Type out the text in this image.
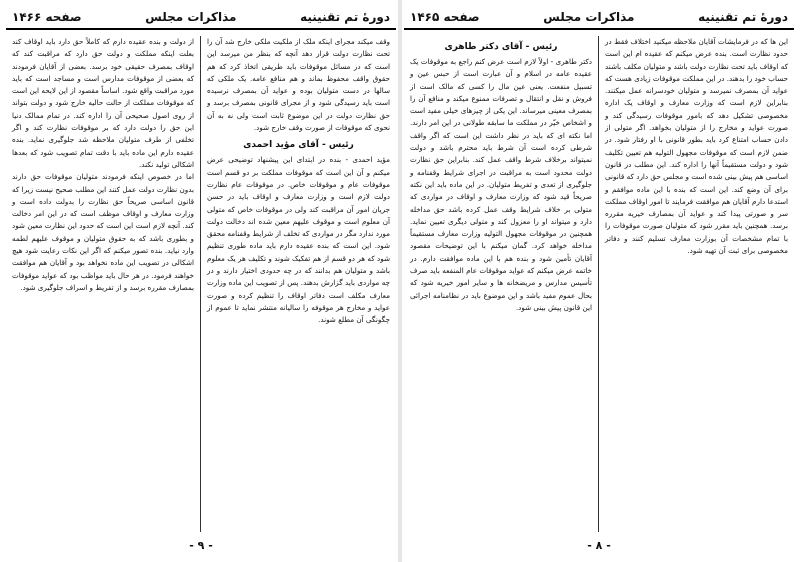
دورهٔ تم تقنینیه
مذاکرات مجلس
صفحه ۱۴۶۶

وقف میکند مجرای اینکه ملک از ملکیت ملکی خارج شد آن را تحت نظارت دولت قرار دهد آنچه که بنظر من میرسد این است که در مسائل موقوفات باید طریقی اتخاذ کرد که هم حقوق واقف محفوظ بماند و هم منافع عامه. یک ملکی که سالها در دست متولیان بوده و عواید آن بمصرف نرسیده است باید رسیدگی شود و از مجرای قانونی بمصرف برسد و حق نظارت دولت در این موضوع ثابت است ولی نه به آن نحوی که موقوفات از صورت وقف خارج شود.

رئیس - آقای مؤید احمدی

مؤید احمدی - بنده در ابتدای این پیشنهاد توضیحی عرض میکنم و آن این است که موقوفات مملکت بر دو قسم است موقوفات عام و موقوفات خاص. در موقوفات عام نظارت دولت لازم است و وزارت معارف و اوقاف باید در حسن جریان امور آن مراقبت کند ولی در موقوفات خاص که متولی آن معلوم است و موقوف علیهم معین شده اند دخالت دولت مورد ندارد مگر در مواردی که تخلف از شرایط وقفنامه محقق شود. این است که بنده عقیده دارم باید ماده طوری تنظیم شود که هر دو قسم از هم تفکیک شوند و تکلیف هر یک معلوم باشد و متولیان هم بدانند که در چه حدودی اختیار دارند و در چه مواردی باید گزارش بدهند. پس از تصویب این ماده وزارت معارف مکلف است دفاتر اوقاف را تنظیم کرده و صورت عواید و مخارج هر موقوفه را سالیانه منتشر نماید تا عموم از چگونگی آن مطلع شوند.

از دولت و بنده عقیده دارم که کاملاً حق دارد باید اوقاف کند بعلت اینکه مملکت و دولت حق دارد که مراقبت کند که اوقاف بمصرف حقیقی خود برسد. بعضی از آقایان فرمودند که بعضی از موقوفات مدارس است و مساجد است که باید مورد مراقبت واقع شود. اساساً مقصود از این لایحه این است که موقوفات مملکت از حالت حالیه خارج شود و دولت بتواند از روی اصول صحیحی آن را اداره کند. در تمام ممالک دنیا این حق را دولت دارد که بر موقوفات نظارت کند و اگر تخلفی از طرف متولیان ملاحظه شد جلوگیری نماید. بنده عقیده دارم این ماده باید با دقت تمام تصویب شود که بعدها اشکالی تولید نکند.

اما در خصوص اینکه فرمودند متولیان موقوفات حق دارند بدون نظارت دولت عمل کنند این مطلب صحیح نیست زیرا که قانون اساسی صریحاً حق نظارت را بدولت داده است و وزارت معارف و اوقاف موظف است که در این امر دخالت کند. آنچه لازم است این است که حدود این نظارت معین شود و بطوری باشد که به حقوق متولیان و موقوف علیهم لطمه وارد نیاید. بنده تصور میکنم که اگر این نکات رعایت شود هیچ اشکالی در تصویب این ماده نخواهد بود و آقایان هم موافقت خواهند فرمود. در هر حال باید مواظب بود که عواید موقوفات بمصارف مقرره برسد و از تفریط و اسراف جلوگیری شود.

- ۹ -
دورهٔ تم تقنینیه
مذاکرات مجلس
صفحه ۱۴۶۵

این ها که در فرمایشات آقایان ملاحظه میکنید اختلاف فقط در حدود نظارت است. بنده عرض میکنم که عقیده ام این است که اوقاف باید تحت نظارت دولت باشد و متولیان مکلف باشند حساب خود را بدهند. در این مملکت موقوفات زیادی هست که عواید آن بمصرف نمیرسد و متولیان خودسرانه عمل میکنند. بنابراین لازم است که وزارت معارف و اوقاف یک اداره مخصوصی تشکیل دهد که بامور موقوفات رسیدگی کند و صورت عواید و مخارج را از متولیان بخواهد. اگر متولی از دادن حساب امتناع کرد باید بطور قانونی با او رفتار شود. در ضمن لازم است که موقوفات مجهول التولیه هم تعیین تکلیف شود و دولت مستقیماً آنها را اداره کند. این مطلب در قانون اساسی هم پیش بینی شده است و مجلس حق دارد که قانونی برای آن وضع کند. این است که بنده با این ماده موافقم و استدعا دارم آقایان هم موافقت فرمایند تا امور اوقاف مملکت سر و صورتی پیدا کند و عواید آن بمصارف خیریه مقرره برسد. همچنین باید مقرر شود که متولیان صورت موقوفات را با تمام مشخصات آن بوزارت معارف تسلیم کنند و دفاتر مخصوصی برای ثبت آن تهیه شود.

رئیس - آقای دکتر طاهری

دکتر طاهری - اولاً لازم است عرض کنم راجع به موقوفات یک عقیده عامه در اسلام و آن عبارت است از حبس عین و تسبیل منفعت. یعنی عین مال را کسی که مالک است از فروش و نقل و انتقال و تصرفات ممنوع میکند و منافع آن را بمصرف معینی میرساند. این یکی از چیزهای خیلی مفید است و اشخاص خیّر در مملکت ما سابقه طولانی در این امر دارند. اما نکته ای که باید در نظر داشت این است که اگر واقف شرطی کرده است آن شرط باید محترم باشد و دولت نمیتواند برخلاف شرط واقف عمل کند. بنابراین حق نظارت دولت محدود است به مراقبت در اجرای شرایط وقفنامه و جلوگیری از تعدی و تفریط متولیان. در این ماده باید این نکته صریحاً قید شود که وزارت معارف و اوقاف در مواردی که متولی بر خلاف شرایط وقف عمل کرده باشد حق مداخله دارد و میتواند او را معزول کند و متولی دیگری تعیین نماید. همچنین در موقوفات مجهول التولیه وزارت معارف مستقیماً مداخله خواهد کرد. گمان میکنم با این توضیحات مقصود آقایان تأمین شود و بنده هم با این ماده موافقت دارم. در خاتمه عرض میکنم که عواید موقوفات عام المنفعه باید صرف تأسیس مدارس و مریضخانه ها و سایر امور خیریه شود که بحال عموم مفید باشد و این موضوع باید در نظامنامه اجرائی این قانون پیش بینی شود.

- ۸ -
